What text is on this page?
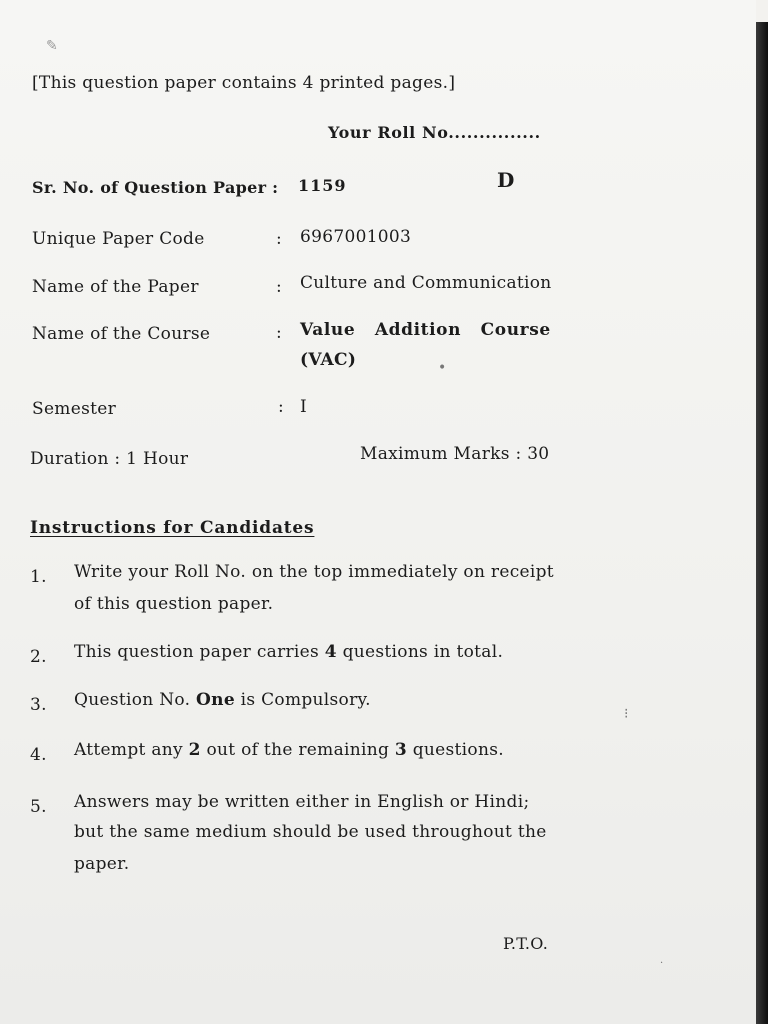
✎
[This question paper contains 4 printed pages.]
Your Roll No...............
Sr. No. of Question Paper : 1159	D
Unique Paper Code	: 6967001003
Name of the Paper	: Culture and Communication
Name of the Course	: Value   Addition   Course
(VAC)	•
Semester	: I
Duration : 1 Hour	Maximum Marks : 30
Instructions for Candidates
1. Write your Roll No. on the top immediately on receipt
of this question paper.
2. This question paper carries 4 questions in total.
3. Question No. One is Compulsory.
4. Attempt any 2 out of the remaining 3 questions.
5. Answers may be written either in English or Hindi;
but the same medium should be used throughout the
paper.
P.T.O.
⁝
·
